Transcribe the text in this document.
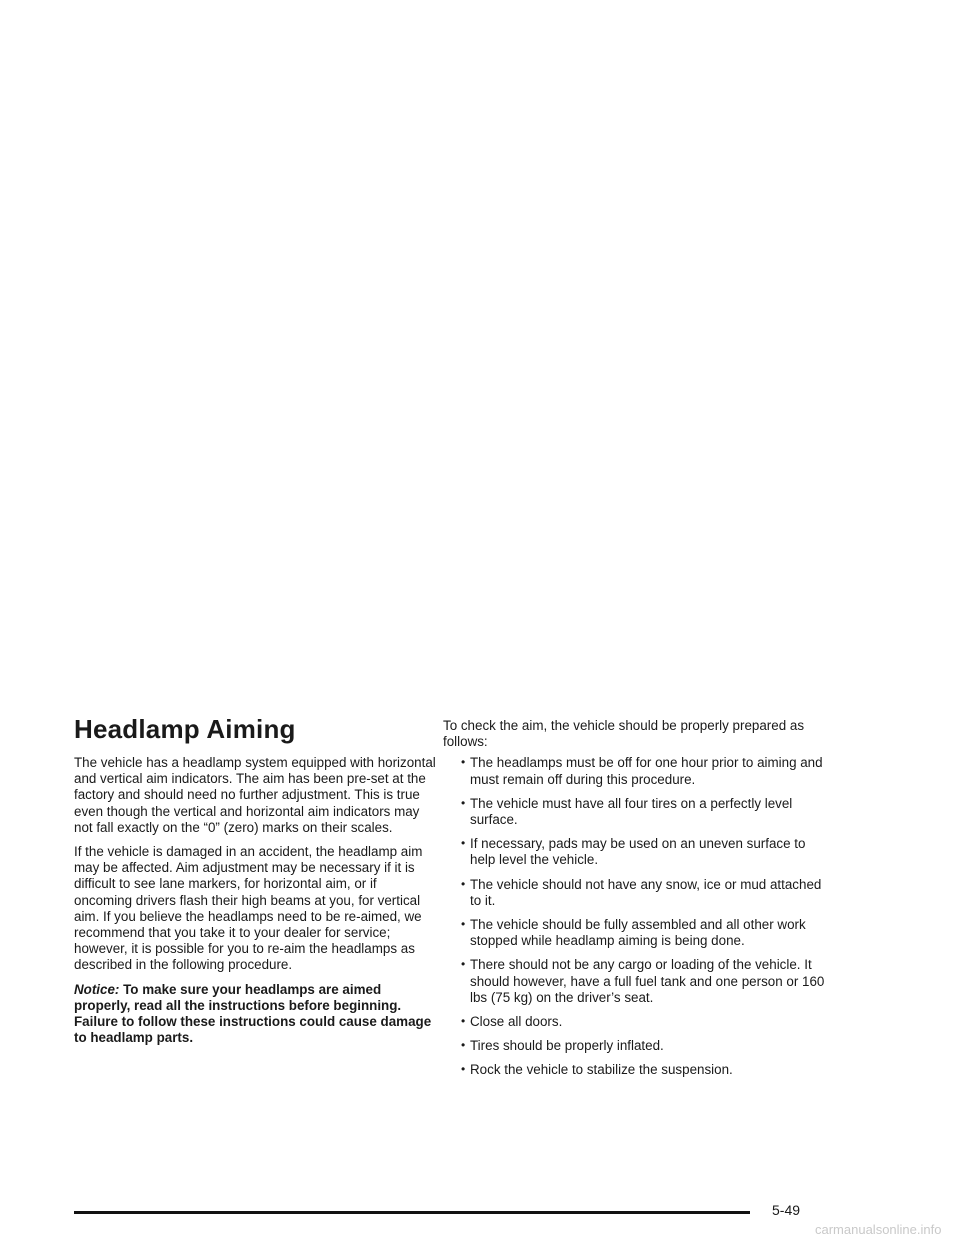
Headlamp Aiming

The vehicle has a headlamp system equipped with horizontal and vertical aim indicators. The aim has been pre-set at the factory and should need no further adjustment. This is true even though the vertical and horizontal aim indicators may not fall exactly on the “0” (zero) marks on their scales.

If the vehicle is damaged in an accident, the headlamp aim may be affected. Aim adjustment may be necessary if it is difficult to see lane markers, for horizontal aim, or if oncoming drivers flash their high beams at you, for vertical aim. If you believe the headlamps need to be re-aimed, we recommend that you take it to your dealer for service; however, it is possible for you to re-aim the headlamps as described in the following procedure.

Notice: To make sure your headlamps are aimed properly, read all the instructions before beginning. Failure to follow these instructions could cause damage to headlamp parts.

To check the aim, the vehicle should be properly prepared as follows:

• The headlamps must be off for one hour prior to aiming and must remain off during this procedure.
• The vehicle must have all four tires on a perfectly level surface.
• If necessary, pads may be used on an uneven surface to help level the vehicle.
• The vehicle should not have any snow, ice or mud attached to it.
• The vehicle should be fully assembled and all other work stopped while headlamp aiming is being done.
• There should not be any cargo or loading of the vehicle. It should however, have a full fuel tank and one person or 160 lbs (75 kg) on the driver’s seat.
• Close all doors.
• Tires should be properly inflated.
• Rock the vehicle to stabilize the suspension.
5-49
carmanualsonline.info
